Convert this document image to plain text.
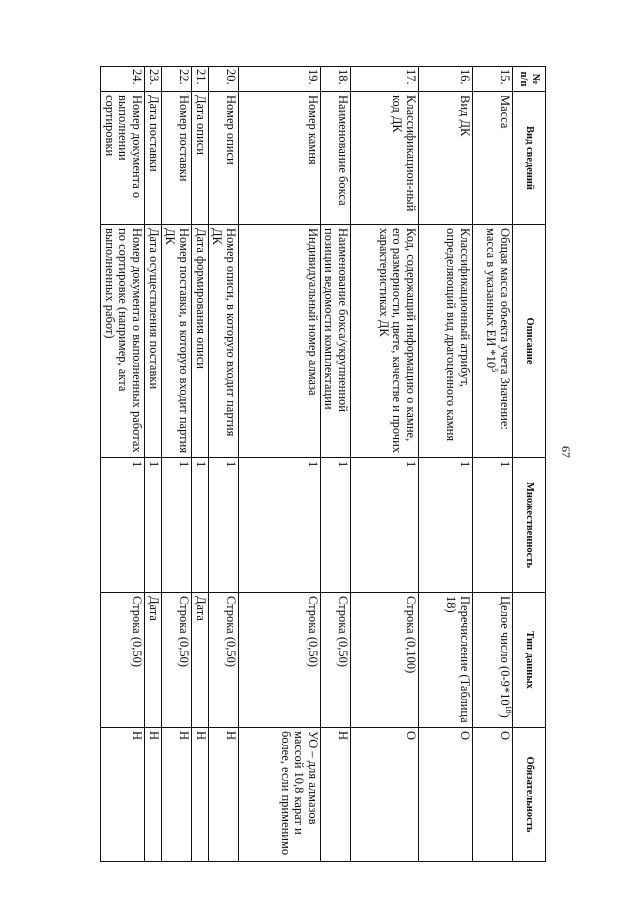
67
№ п/п	Вид сведений	Описание	Множественность	Тип данных	Обязательность
15.	Масса	Общая масса объекта учета Значение: масса в указанных ЕИ $*10^5$	1	Целое число $(0-9*10^{18})$	О
16.	Вид ДК	Классификационный атрибут, определяющий вид драгоценного камня	1	Перечисление (Таблица 18)	О
17.	Классификацион-ный код ДК	Код, содержащий информацию о камне, его размерности, цвете, качестве и прочих характеристиках ДК	1	Строка (0,100)	О
18.	Наименование бокса	Наименование бокса/укрупненной позиции ведомости комплектации	1	Строка (0,50)	Н
19.	Номер камня	Индивидуальный номер алмаза	1	Строка (0,50)	УО – для алмазов массой 10,8 карат и более, если применимо
20.	Номер описи	Номер описи, в которую входит партия ДК	1	Строка (0,50)	Н
21.	Дата описи	Дата формирования описи	1	Дата	Н
22.	Номер поставки	Номер поставки, в которую входит партия ДК	1	Строка (0,50)	Н
23.	Дата поставки	Дата осуществления поставки	1	Дата	Н
24.	Номер документа о выполнении сортировки	Номер документа о выполненных работах по сортировке (например, акта выполненных работ)	1	Строка (0,50)	Н
